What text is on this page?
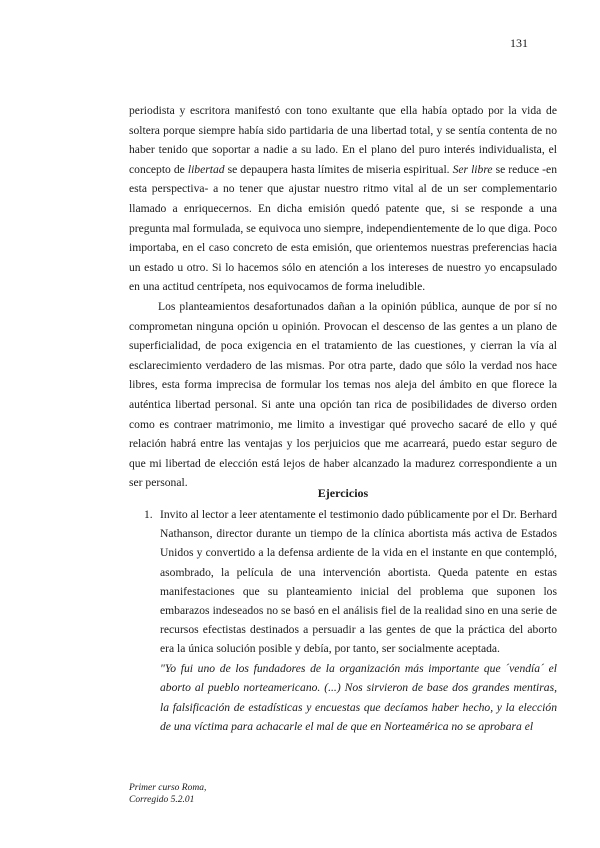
131

periodista y escritora manifestó con tono exultante que ella había optado por la vida de soltera porque siempre había sido partidaria de una libertad total, y se sentía contenta de no haber tenido que soportar a nadie a su lado. En el plano del puro interés individualista, el concepto de libertad se depaupera hasta límites de miseria espiritual. Ser libre se reduce -en esta perspectiva- a no tener que ajustar nuestro ritmo vital al de un ser complementario llamado a enriquecernos. En dicha emisión quedó patente que, si se responde a una pregunta mal formulada, se equivoca uno siempre, independientemente de lo que diga. Poco importaba, en el caso concreto de esta emisión, que orientemos nuestras preferencias hacia un estado u otro. Si lo hacemos sólo en atención a los intereses de nuestro yo encapsulado en una actitud centrípeta, nos equivocamos de forma ineludible.

Los planteamientos desafortunados dañan a la opinión pública, aunque de por sí no comprometan ninguna opción u opinión. Provocan el descenso de las gentes a un plano de superficialidad, de poca exigencia en el tratamiento de las cuestiones, y cierran la vía al esclarecimiento verdadero de las mismas. Por otra parte, dado que sólo la verdad nos hace libres, esta forma imprecisa de formular los temas nos aleja del ámbito en que florece la auténtica libertad personal. Si ante una opción tan rica de posibilidades de diverso orden como es contraer matrimonio, me limito a investigar qué provecho sacaré de ello y qué relación habrá entre las ventajas y los perjuicios que me acarreará, puedo estar seguro de que mi libertad de elección está lejos de haber alcanzado la madurez correspondiente a un ser personal.

Ejercicios
1. Invito al lector a leer atentamente el testimonio dado públicamente por el Dr. Berhard Nathanson, director durante un tiempo de la clínica abortista más activa de Estados Unidos y convertido a la defensa ardiente de la vida en el instante en que contempló, asombrado, la película de una intervención abortista. Queda patente en estas manifestaciones que su planteamiento inicial del problema que suponen los embarazos indeseados no se basó en el análisis fiel de la realidad sino en una serie de recursos efectistas destinados a persuadir a las gentes de que la práctica del aborto era la única solución posible y debía, por tanto, ser socialmente aceptada.
"Yo fui uno de los fundadores de la organización más importante que ´vendía´ el aborto al pueblo norteamericano. (...) Nos sirvieron de base dos grandes mentiras, la falsificación de estadísticas y encuestas que decíamos haber hecho, y la elección de una víctima para achacarle el mal de que en Norteamérica no se aprobara el
Primer curso Roma,
Corregido 5.2.01
